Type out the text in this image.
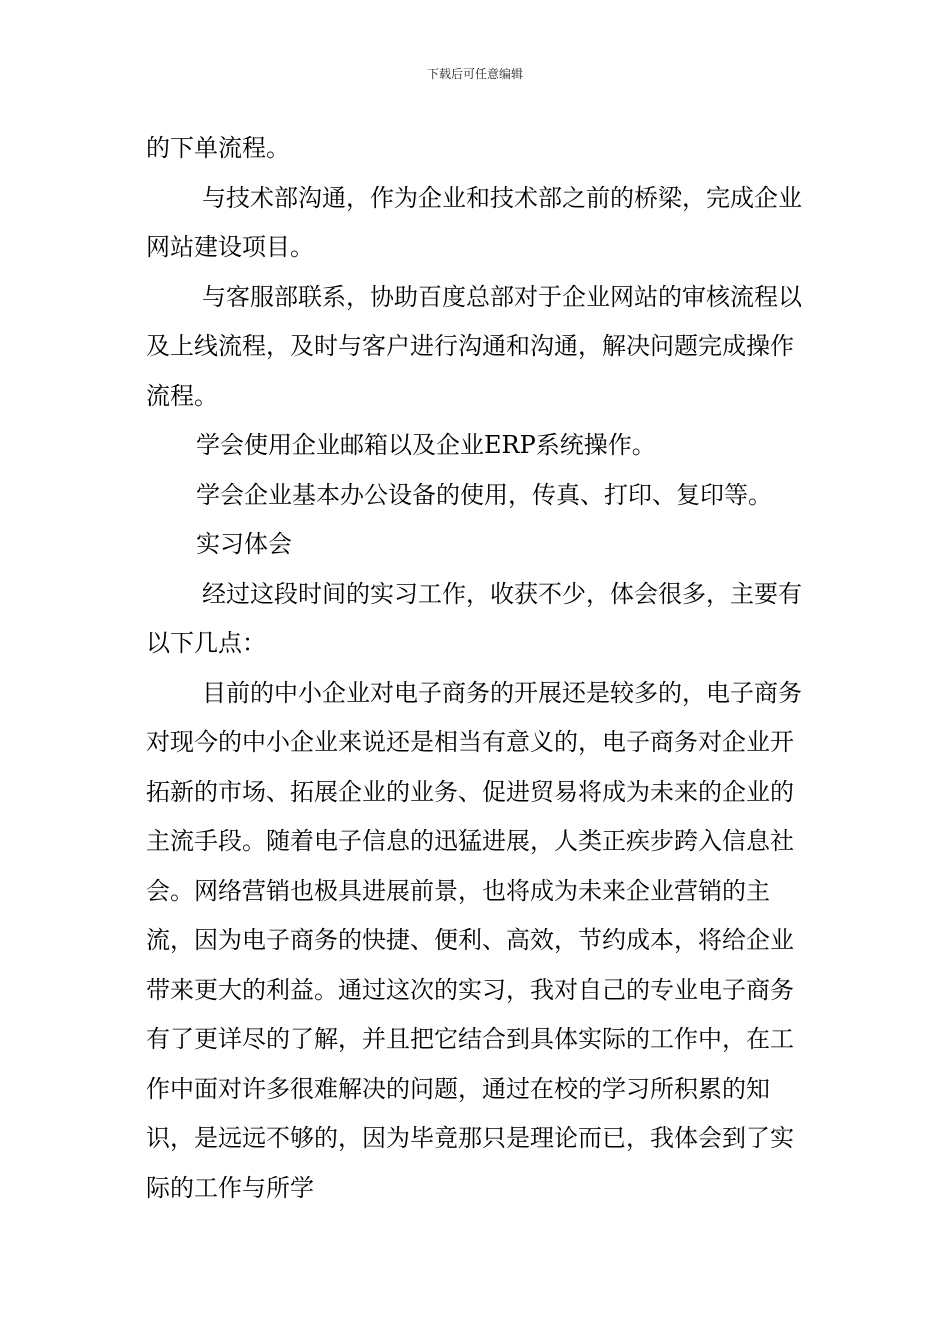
下载后可任意编辑

的下单流程。

与技术部沟通，作为企业和技术部之前的桥梁，完成企业网站建设项目。

与客服部联系，协助百度总部对于企业网站的审核流程以及上线流程，及时与客户进行沟通和沟通，解决问题完成操作流程。

学会使用企业邮箱以及企业ERP系统操作。

学会企业基本办公设备的使用，传真、打印、复印等。

实习体会

经过这段时间的实习工作，收获不少，体会很多，主要有以下几点：

目前的中小企业对电子商务的开展还是较多的，电子商务对现今的中小企业来说还是相当有意义的，电子商务对企业开拓新的市场、拓展企业的业务、促进贸易将成为未来的企业的主流手段。随着电子信息的迅猛进展，人类正疾步跨入信息社会。网络营销也极具进展前景，也将成为未来企业营销的主流，因为电子商务的快捷、便利、高效，节约成本，将给企业带来更大的利益。通过这次的实习，我对自己的专业电子商务有了更详尽的了解，并且把它结合到具体实际的工作中，在工作中面对许多很难解决的问题，通过在校的学习所积累的知识，是远远不够的，因为毕竟那只是理论而已，我体会到了实际的工作与所学
